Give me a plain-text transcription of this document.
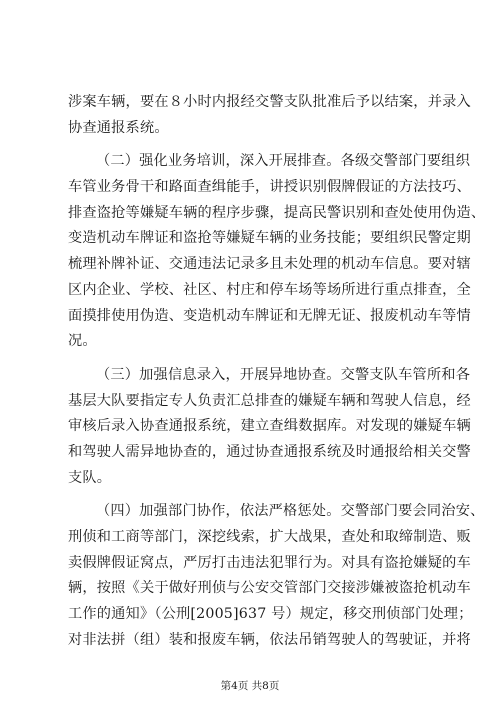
涉案车辆，要在８小时内报经交警支队批准后予以结案，并录入
协查通报系统。
（二）强化业务培训，深入开展排查。各级交警部门要组织
车管业务骨干和路面查缉能手，讲授识别假牌假证的方法技巧、
排查盗抢等嫌疑车辆的程序步骤，提高民警识别和查处使用伪造、
变造机动车牌证和盗抢等嫌疑车辆的业务技能；要组织民警定期
梳理补牌补证、交通违法记录多且未处理的机动车信息。要对辖
区内企业、学校、社区、村庄和停车场等场所进行重点排查，全
面摸排使用伪造、变造机动车牌证和无牌无证、报废机动车等情
况。
（三）加强信息录入，开展异地协查。交警支队车管所和各
基层大队要指定专人负责汇总排查的嫌疑车辆和驾驶人信息，经
审核后录入协查通报系统，建立查缉数据库。对发现的嫌疑车辆
和驾驶人需异地协查的，通过协查通报系统及时通报给相关交警
支队。
（四）加强部门协作，依法严格惩处。交警部门要会同治安、
刑侦和工商等部门，深挖线索，扩大战果，查处和取缔制造、贩
卖假牌假证窝点，严厉打击违法犯罪行为。对具有盗抢嫌疑的车
辆，按照《关于做好刑侦与公安交管部门交接涉嫌被盗抢机动车
工作的通知》（公刑[2005]637 号）规定，移交刑侦部门处理；
对非法拼（组）装和报废车辆，依法吊销驾驶人的驾驶证，并将
第4页 共8页
